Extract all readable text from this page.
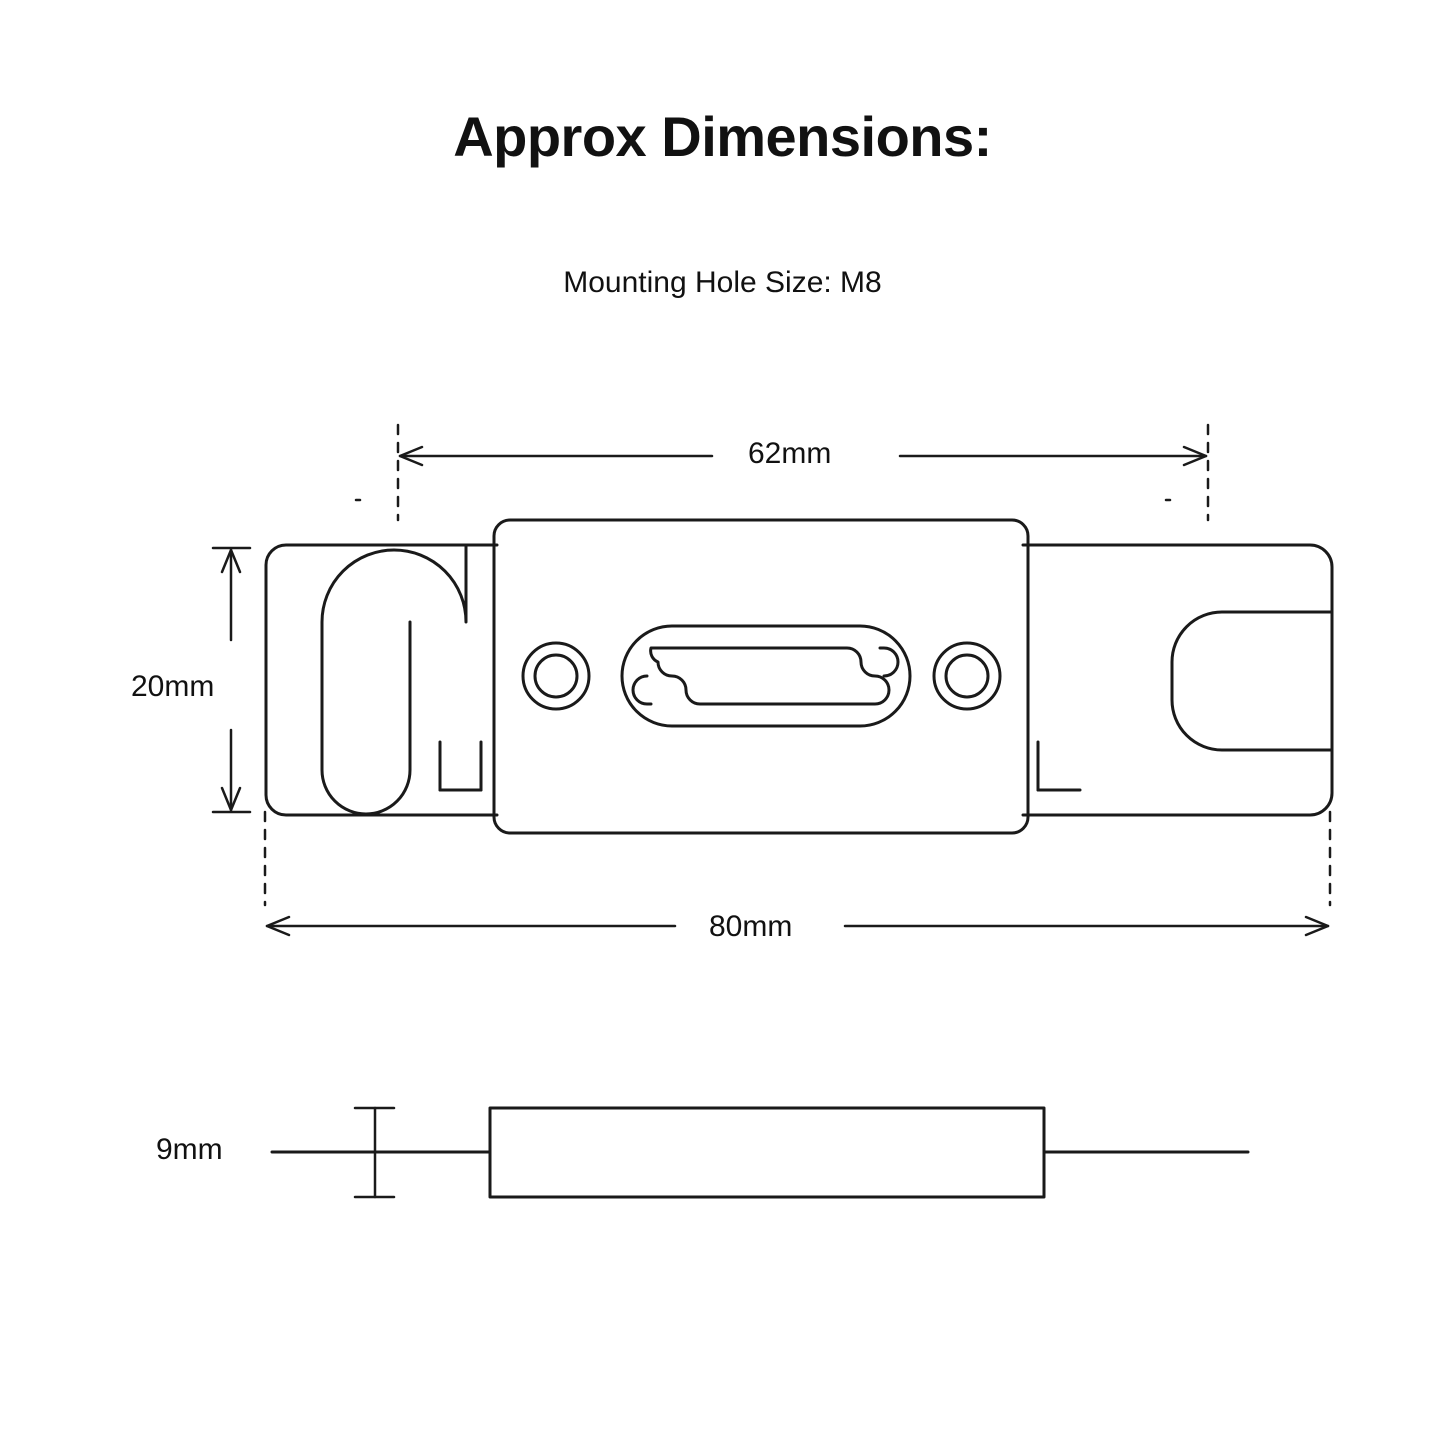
Approx Dimensions:
Mounting Hole Size: M8
62mm
20mm
80mm
9mm
